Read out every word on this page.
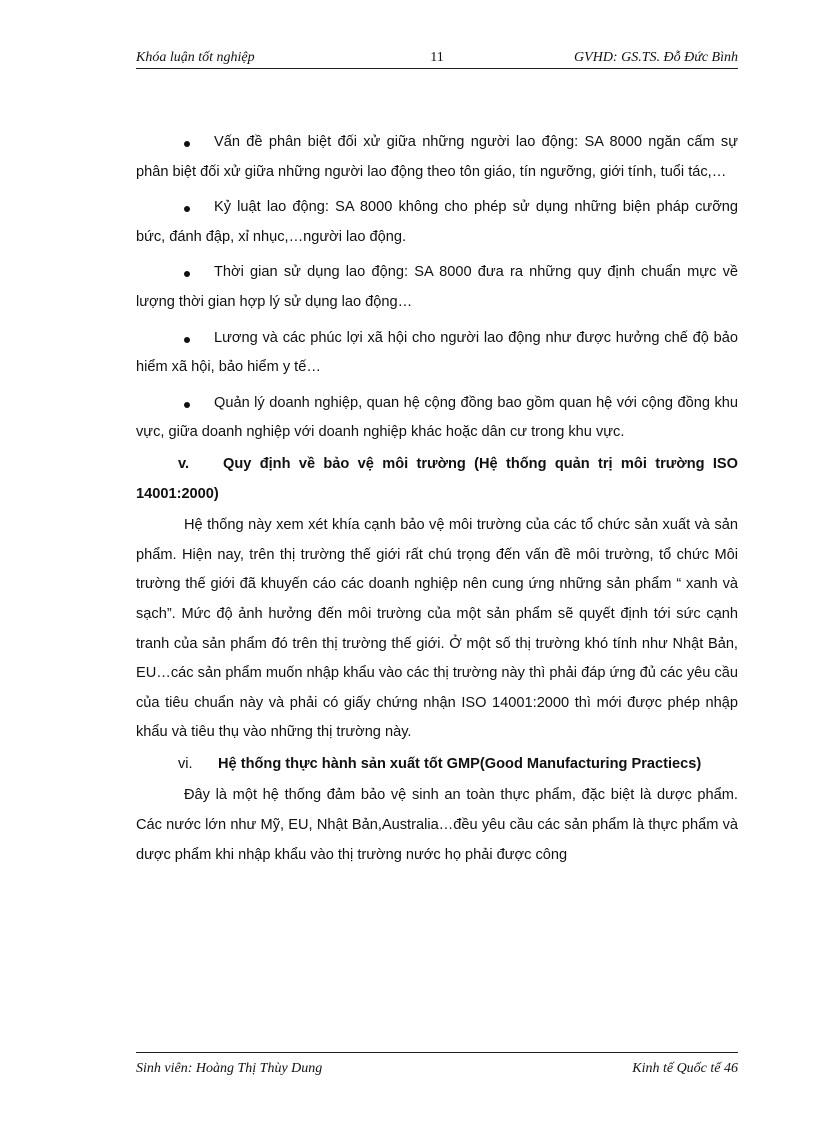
Khóa luận tốt nghiệp	11	GVHD: GS.TS. Đỗ Đức Bình

Vấn đề phân biệt đối xử giữa những người lao động: SA 8000 ngăn cấm sự phân biệt đối xử giữa những người lao động theo tôn giáo, tín ngưỡng, giới tính, tuổi tác,…

Kỷ luật lao động: SA 8000 không cho phép sử dụng những biện pháp cưỡng bức, đánh đập, xỉ nhục,…người lao động.

Thời gian sử dụng lao động: SA 8000 đưa ra những quy định chuẩn mực về lượng thời gian hợp lý sử dụng lao động…

Lương và các phúc lợi xã hội cho người lao động như được hưởng chế độ bảo hiểm xã hội, bảo hiểm y tế…

Quản lý doanh nghiệp, quan hệ cộng đồng bao gồm quan hệ với cộng đồng khu vực, giữa doanh nghiệp với doanh nghiệp khác hoặc dân cư trong khu vực.

v. Quy định về bảo vệ môi trường (Hệ thống quản trị môi trường ISO 14001:2000)

Hệ thống này xem xét khía cạnh bảo vệ môi trường của các tổ chức sản xuất và sản phẩm. Hiện nay, trên thị trường thế giới rất chú trọng đến vấn đề môi trường, tổ chức Môi trường thế giới đã khuyến cáo các doanh nghiệp nên cung ứng những sản phẩm “ xanh và sạch”. Mức độ ảnh hưởng đến môi trường của một sản phẩm sẽ quyết định tới sức cạnh tranh của sản phẩm đó trên thị trường thế giới. Ở một số thị trường khó tính như Nhật Bản, EU…các sản phẩm muốn nhập khẩu vào các thị trường này thì phải đáp ứng đủ các yêu cầu của tiêu chuẩn này và phải có giấy chứng nhận ISO 14001:2000 thì mới được phép nhập khẩu và tiêu thụ vào những thị trường này.

vi. Hệ thống thực hành sản xuất tốt GMP(Good Manufacturing Practiecs)

Đây là một hệ thống đảm bảo vệ sinh an toàn thực phẩm, đặc biệt là dược phẩm. Các nước lớn như Mỹ, EU, Nhật Bản,Australia…đều yêu cầu các sản phẩm là thực phẩm và dược phẩm khi nhập khẩu vào thị trường nước họ phải được công

Sinh viên: Hoàng Thị Thùy Dung	Kinh tế Quốc tế 46
